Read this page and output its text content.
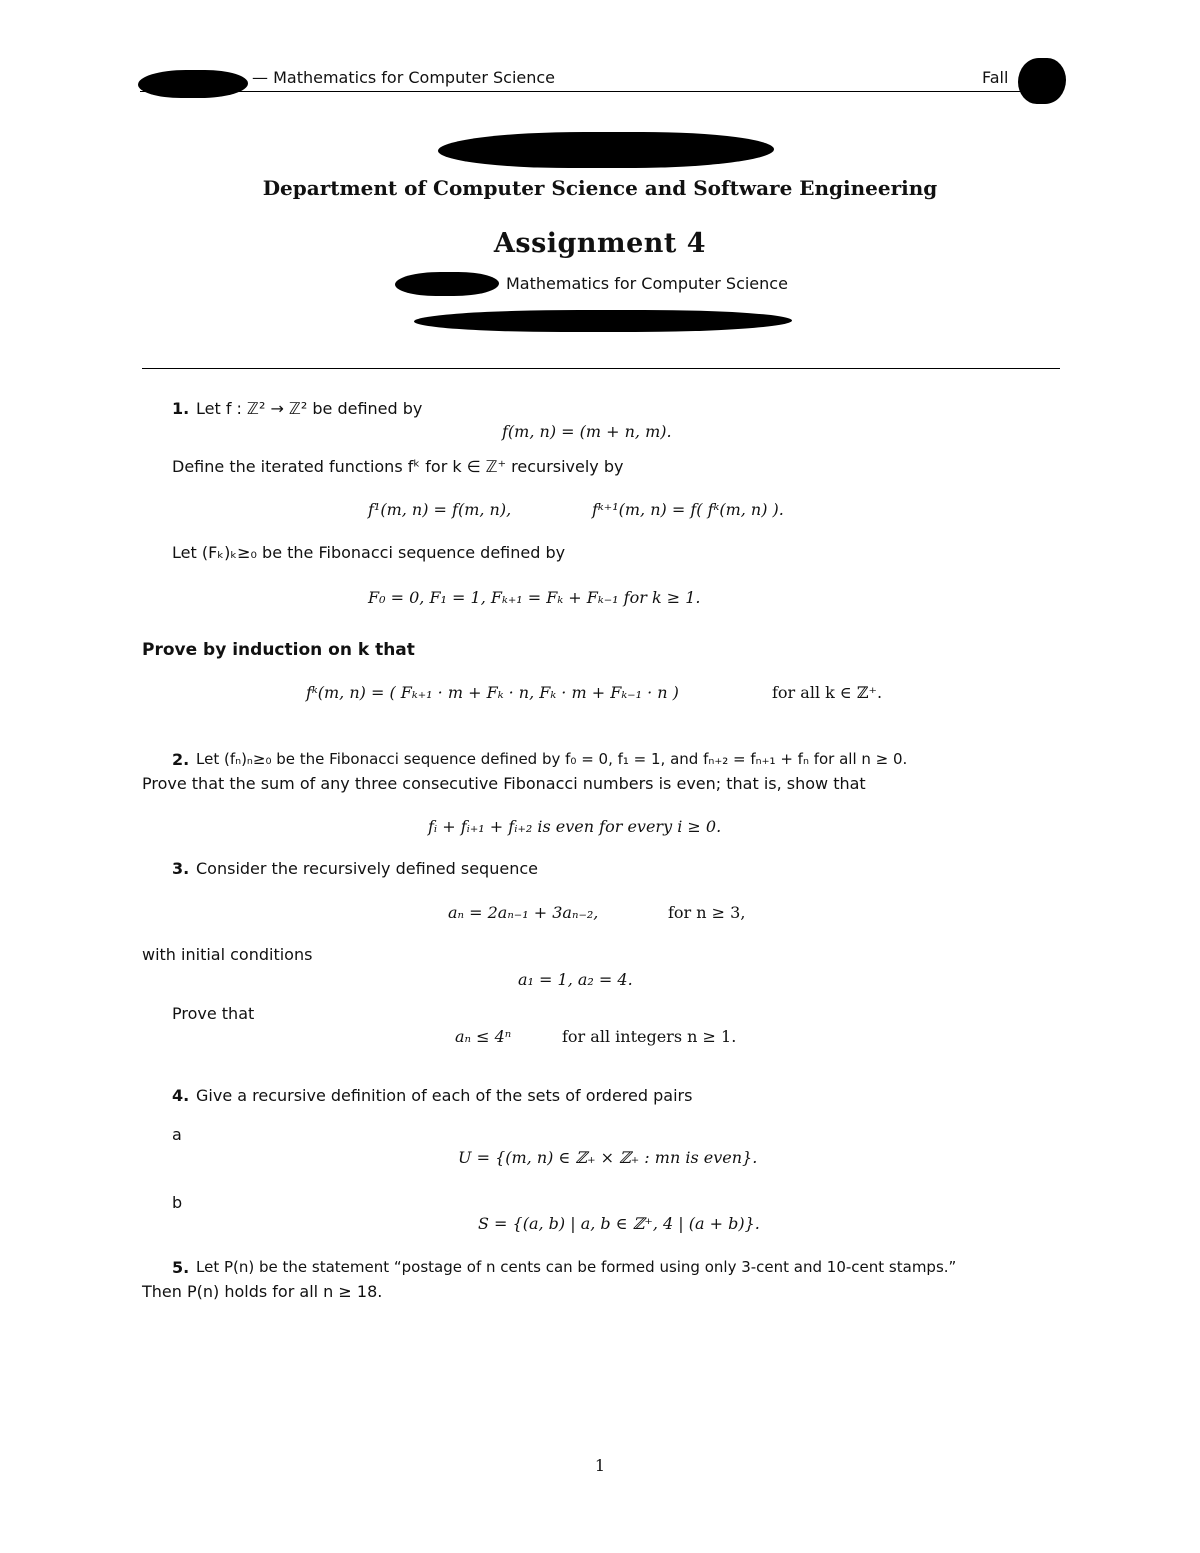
— Mathematics for Computer Science	Fall
Department of Computer Science and Software Engineering
Assignment 4
Mathematics for Computer Science
1. Let f : ℤ² → ℤ² be defined by
f(m, n) = (m + n, m).
Define the iterated functions fᵏ for k ∈ ℤ⁺ recursively by
f¹(m, n) = f(m, n),	fᵏ⁺¹(m, n) = f( fᵏ(m, n) ).
Let (Fₖ)ₖ≥₀ be the Fibonacci sequence defined by
F₀ = 0, F₁ = 1, Fₖ₊₁ = Fₖ + Fₖ₋₁ for k ≥ 1.
Prove by induction on k that
fᵏ(m, n) = ( Fₖ₊₁ · m + Fₖ · n, Fₖ · m + Fₖ₋₁ · n )	for all k ∈ ℤ⁺.
2. Let (fₙ)ₙ≥₀ be the Fibonacci sequence defined by f₀ = 0, f₁ = 1, and fₙ₊₂ = fₙ₊₁ + fₙ for all n ≥ 0.
Prove that the sum of any three consecutive Fibonacci numbers is even; that is, show that
fᵢ + fᵢ₊₁ + fᵢ₊₂ is even for every i ≥ 0.
3. Consider the recursively defined sequence
aₙ = 2aₙ₋₁ + 3aₙ₋₂,	for n ≥ 3,
with initial conditions
a₁ = 1, a₂ = 4.
Prove that
aₙ ≤ 4ⁿ	for all integers n ≥ 1.
4. Give a recursive definition of each of the sets of ordered pairs
a
U = {(m, n) ∈ ℤ₊ × ℤ₊ : mn is even}.
b
S = {(a, b) | a, b ∈ ℤ⁺, 4 | (a + b)}.
5. Let P(n) be the statement “postage of n cents can be formed using only 3-cent and 10-cent stamps.”
Then P(n) holds for all n ≥ 18.
1
